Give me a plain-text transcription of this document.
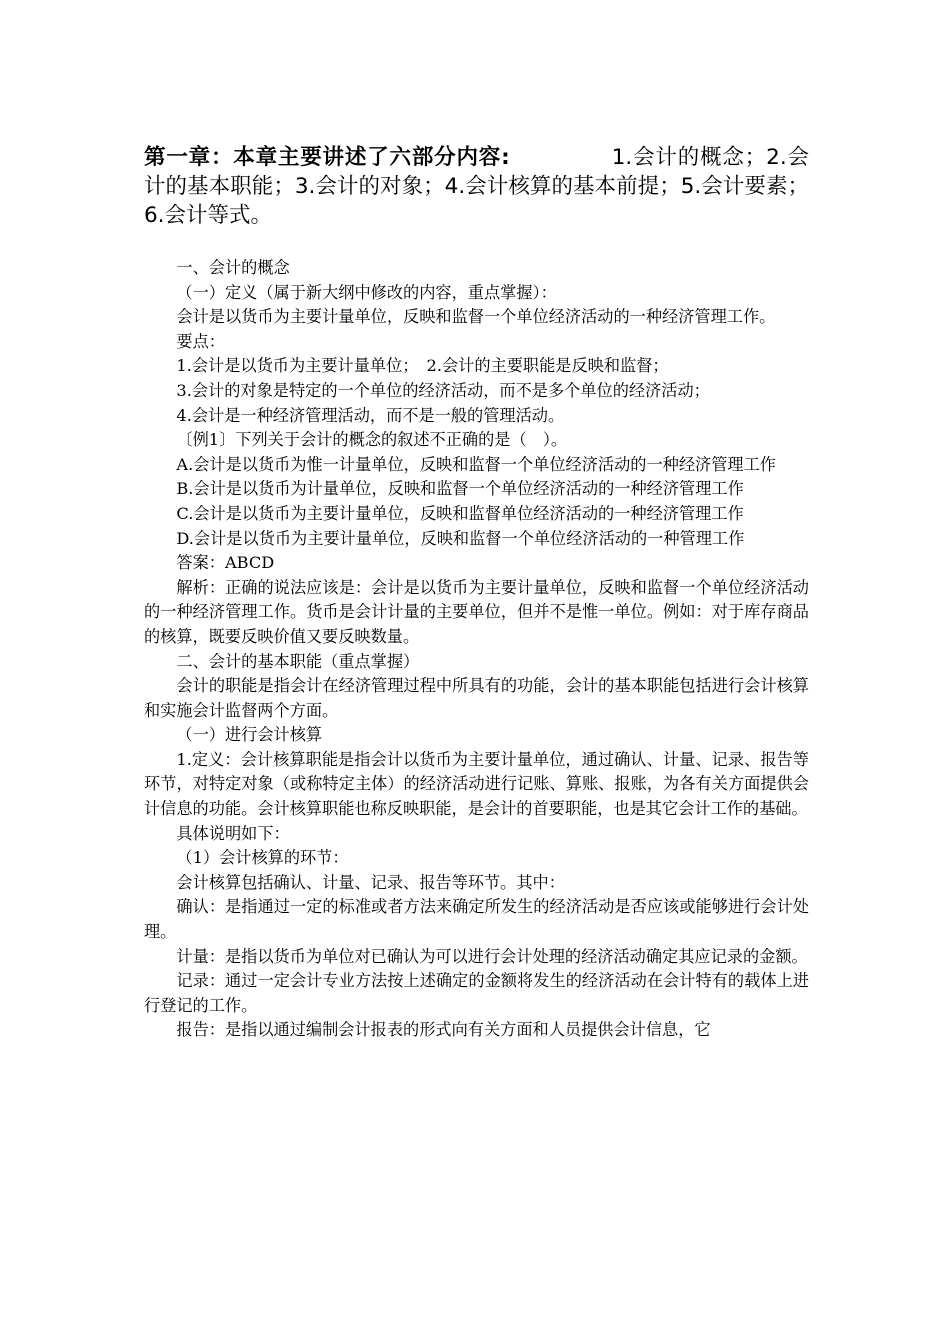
第一章：本章主要讲述了六部分内容:	1.会计的概念；2.会计的基本职能；3.会计的对象；4.会计核算的基本前提；5.会计要素；6.会计等式。

一、会计的概念

（一）定义（属于新大纲中修改的内容，重点掌握）：

会计是以货币为主要计量单位，反映和监督一个单位经济活动的一种经济管理工作。

要点：

1.会计是以货币为主要计量单位；　2.会计的主要职能是反映和监督；

3.会计的对象是特定的一个单位的经济活动，而不是多个单位的经济活动；

4.会计是一种经济管理活动，而不是一般的管理活动。

〔例1〕下列关于会计的概念的叙述不正确的是（　）。

A.会计是以货币为惟一计量单位，反映和监督一个单位经济活动的一种经济管理工作

B.会计是以货币为计量单位，反映和监督一个单位经济活动的一种经济管理工作

C.会计是以货币为主要计量单位，反映和监督单位经济活动的一种经济管理工作

D.会计是以货币为主要计量单位，反映和监督一个单位经济活动的一种管理工作

答案：ABCD

解析：正确的说法应该是：会计是以货币为主要计量单位，反映和监督一个单位经济活动的一种经济管理工作。货币是会计计量的主要单位，但并不是惟一单位。例如：对于库存商品的核算，既要反映价值又要反映数量。

二、会计的基本职能（重点掌握）

会计的职能是指会计在经济管理过程中所具有的功能，会计的基本职能包括进行会计核算和实施会计监督两个方面。

（一）进行会计核算

1.定义：会计核算职能是指会计以货币为主要计量单位，通过确认、计量、记录、报告等环节，对特定对象（或称特定主体）的经济活动进行记账、算账、报账，为各有关方面提供会计信息的功能。会计核算职能也称反映职能，是会计的首要职能，也是其它会计工作的基础。

具体说明如下：

（1）会计核算的环节：

会计核算包括确认、计量、记录、报告等环节。其中：

确认：是指通过一定的标准或者方法来确定所发生的经济活动是否应该或能够进行会计处理。

计量：是指以货币为单位对已确认为可以进行会计处理的经济活动确定其应记录的金额。

记录：通过一定会计专业方法按上述确定的金额将发生的经济活动在会计特有的载体上进行登记的工作。

报告：是指以通过编制会计报表的形式向有关方面和人员提供会计信息，它
